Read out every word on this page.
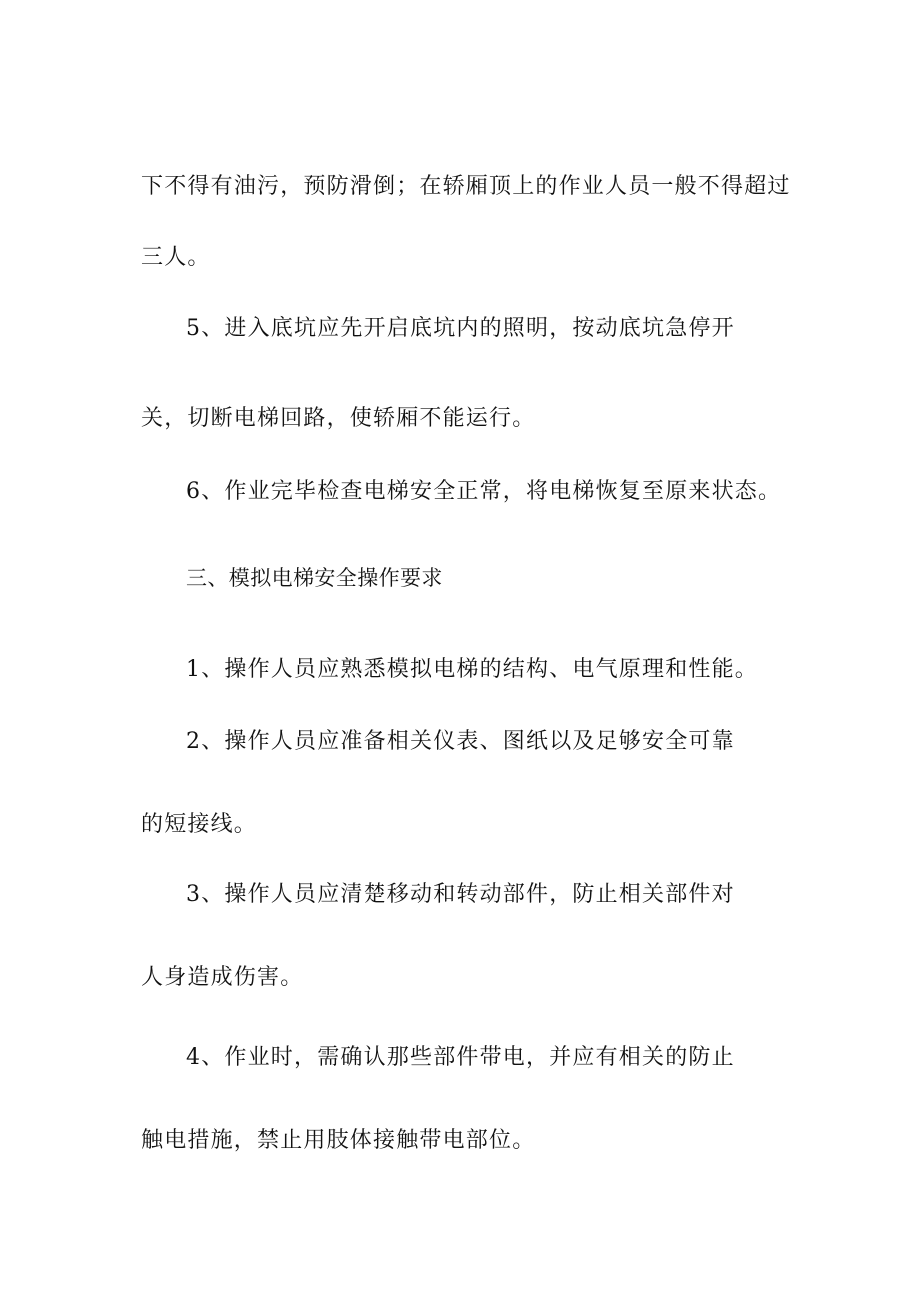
下不得有油污，预防滑倒；在轿厢顶上的作业人员一般不得超过

三人。

5、进入底坑应先开启底坑内的照明，按动底坑急停开

关，切断电梯回路，使轿厢不能运行。

6、作业完毕检查电梯安全正常，将电梯恢复至原来状态。

三、模拟电梯安全操作要求

1、操作人员应熟悉模拟电梯的结构、电气原理和性能。

2、操作人员应准备相关仪表、图纸以及足够安全可靠

的短接线。

3、操作人员应清楚移动和转动部件，防止相关部件对

人身造成伤害。

4、作业时，需确认那些部件带电，并应有相关的防止

触电措施，禁止用肢体接触带电部位。
